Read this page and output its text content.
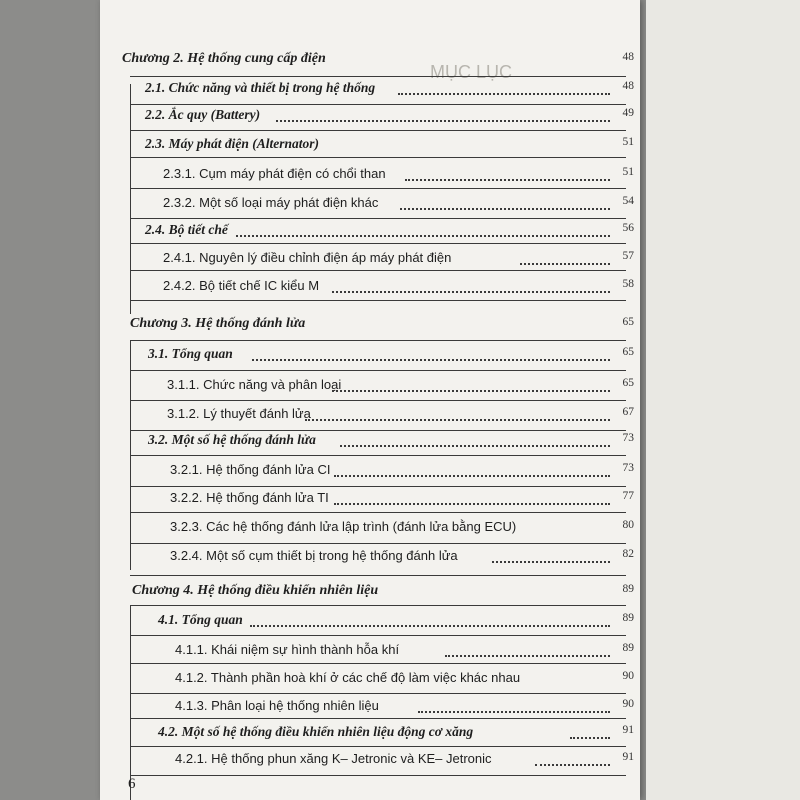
MỤC LỤC
Chương 2. Hệ thống cung cấp điện	48
2.1. Chức năng và thiết bị trong hệ thống	48
2.2. Ắc quy (Battery)	49
2.3. Máy phát điện (Alternator)	51
2.3.1. Cụm máy phát điện có chổi than	51
2.3.2. Một số loại máy phát điện khác	54
2.4. Bộ tiết chế	56
2.4.1. Nguyên lý điều chỉnh điện áp máy phát điện	57
2.4.2. Bộ tiết chế IC kiểu M	58
Chương 3. Hệ thống đánh lửa	65
3.1. Tổng quan	65
3.1.1. Chức năng và phân loại	65
3.1.2. Lý thuyết đánh lửa	67
3.2. Một số hệ thống đánh lửa	73
3.2.1. Hệ thống đánh lửa CI	73
3.2.2. Hệ thống đánh lửa TI	77
3.2.3. Các hệ thống đánh lửa lập trình (đánh lửa bằng ECU)	80
3.2.4. Một số cụm thiết bị trong hệ thống đánh lửa	82
Chương 4. Hệ thống điều khiển nhiên liệu	89
4.1. Tổng quan	89
4.1.1. Khái niệm sự hình thành hỗa khí	89
4.1.2. Thành phần hoà khí ở các chế độ làm việc khác nhau	90
4.1.3. Phân loại hệ thống nhiên liệu	90
4.2. Một số hệ thống điều khiển nhiên liệu động cơ xăng	91
4.2.1. Hệ thống phun xăng K– Jetronic và KE– Jetronic	91
6
